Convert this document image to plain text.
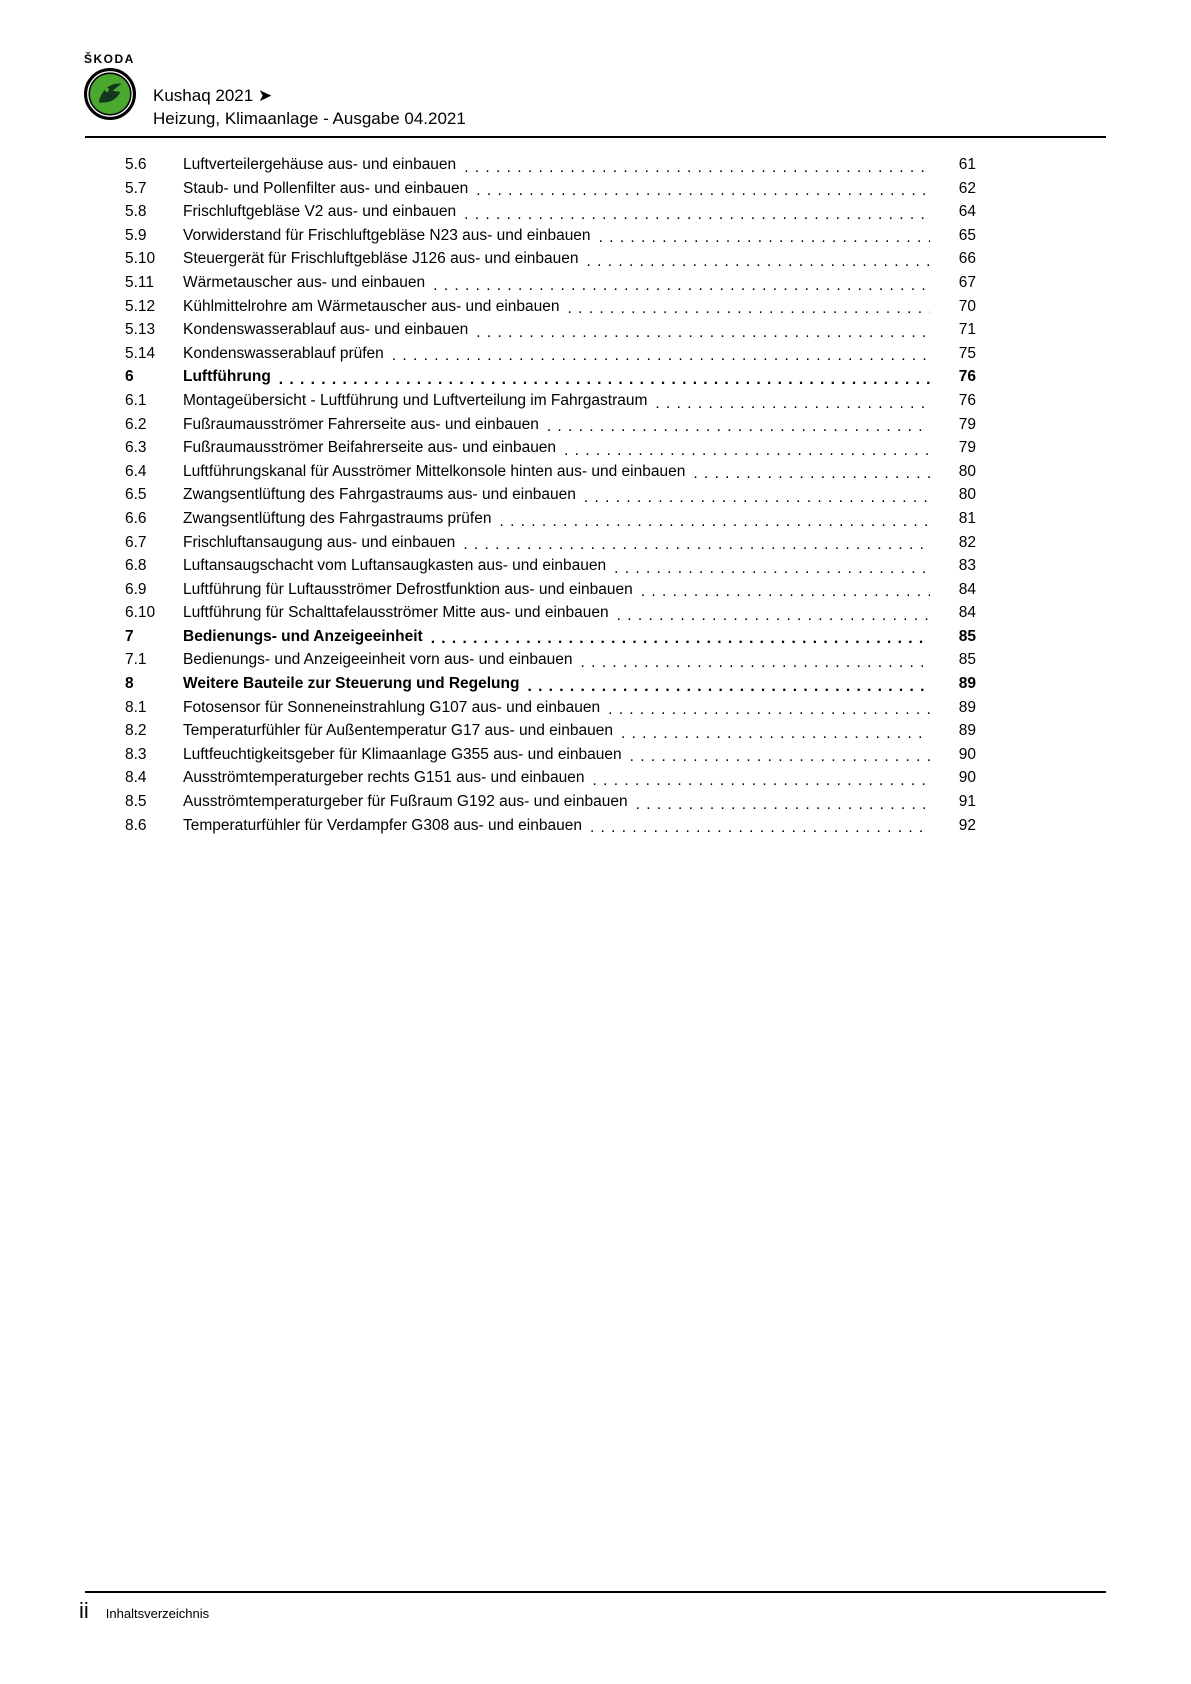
ŠKODA
Kushaq 2021 ➤
Heizung, Klimaanlage - Ausgabe 04.2021
5.6	Luftverteilergehäuse aus- und einbauen . . .	61
5.7	Staub- und Pollenfilter aus- und einbauen . . .	62
5.8	Frischluftgebläse V2 aus- und einbauen . . .	64
5.9	Vorwiderstand für Frischluftgebläse N23 aus- und einbauen . . .	65
5.10	Steuergerät für Frischluftgebläse J126 aus- und einbauen . . .	66
5.11	Wärmetauscher aus- und einbauen . . .	67
5.12	Kühlmittelrohre am Wärmetauscher aus- und einbauen . . .	70
5.13	Kondenswasserablauf aus- und einbauen . . .	71
5.14	Kondenswasserablauf prüfen . . .	75
6	Luftführung . . .	76
6.1	Montageübersicht - Luftführung und Luftverteilung im Fahrgastraum . . .	76
6.2	Fußraumausströmer Fahrerseite aus- und einbauen . . .	79
6.3	Fußraumausströmer Beifahrerseite aus- und einbauen . . .	79
6.4	Luftführungskanal für Ausströmer Mittelkonsole hinten aus- und einbauen . . .	80
6.5	Zwangsentlüftung des Fahrgastraums aus- und einbauen . . .	80
6.6	Zwangsentlüftung des Fahrgastraums prüfen . . .	81
6.7	Frischluftansaugung aus- und einbauen . . .	82
6.8	Luftansaugschacht vom Luftansaugkasten aus- und einbauen . . .	83
6.9	Luftführung für Luftausströmer Defrostfunktion aus- und einbauen . . .	84
6.10	Luftführung für Schalttafelausströmer Mitte aus- und einbauen . . .	84
7	Bedienungs- und Anzeigeeinheit . . .	85
7.1	Bedienungs- und Anzeigeeinheit vorn aus- und einbauen . . .	85
8	Weitere Bauteile zur Steuerung und Regelung . . .	89
8.1	Fotosensor für Sonneneinstrahlung G107 aus- und einbauen . . .	89
8.2	Temperaturfühler für Außentemperatur G17 aus- und einbauen . . .	89
8.3	Luftfeuchtigkeitsgeber für Klimaanlage G355 aus- und einbauen . . .	90
8.4	Ausströmtemperaturgeber rechts G151 aus- und einbauen . . .	90
8.5	Ausströmtemperaturgeber für Fußraum G192 aus- und einbauen . . .	91
8.6	Temperaturfühler für Verdampfer G308 aus- und einbauen . . .	92
ii Inhaltsverzeichnis
